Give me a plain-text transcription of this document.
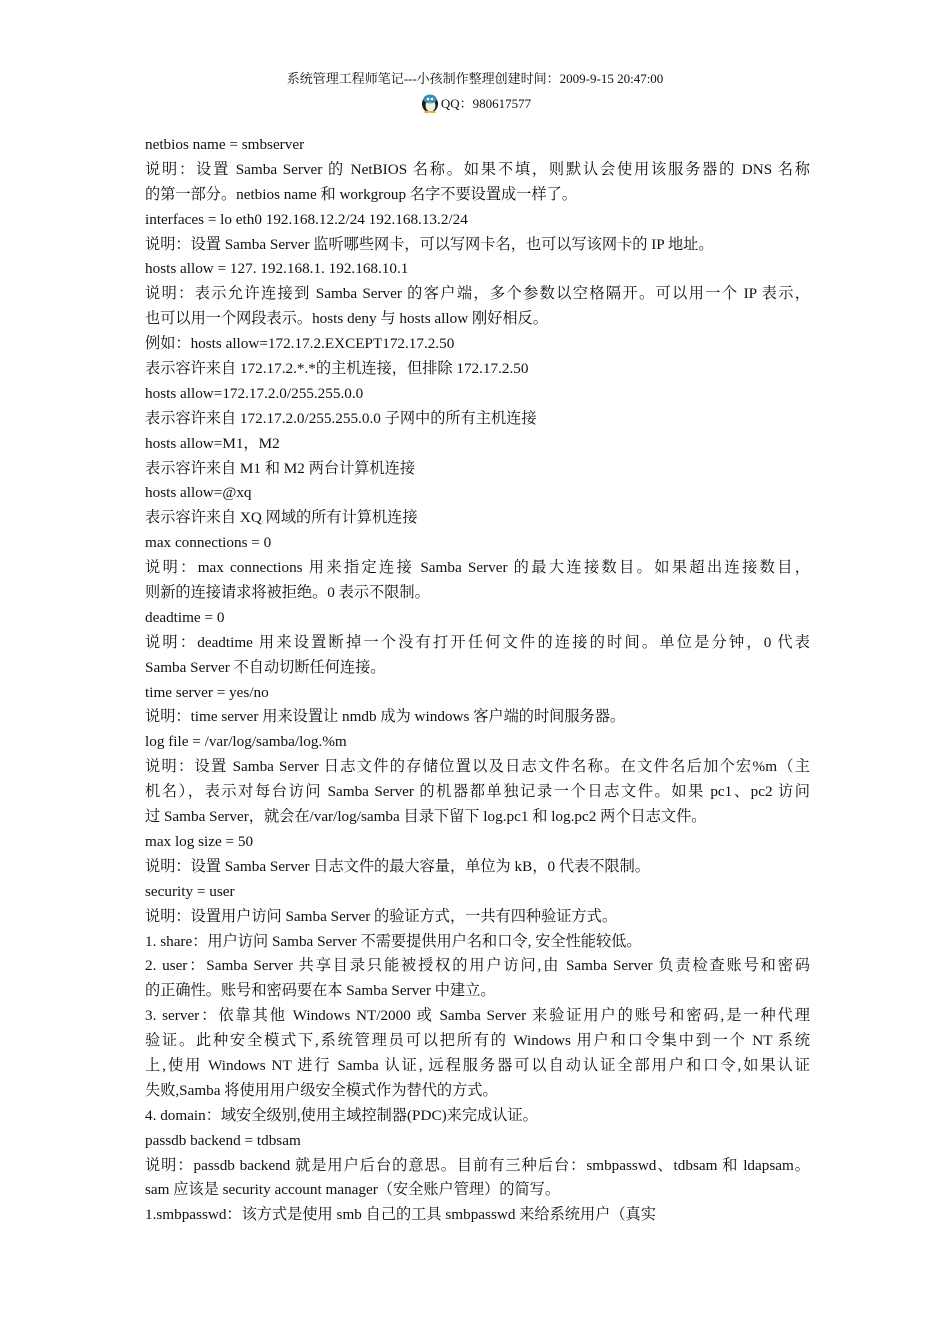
系统管理工程师笔记---小孩制作整理创建时间：2009-9-15 20:47:00
QQ：980617577
netbios name = smbserver
说明：设置 Samba Server 的 NetBIOS 名称。如果不填，则默认会使用该服务器的 DNS 名称
的第一部分。netbios name 和 workgroup 名字不要设置成一样了。
interfaces = lo eth0 192.168.12.2/24 192.168.13.2/24
说明：设置 Samba Server 监听哪些网卡，可以写网卡名，也可以写该网卡的 IP 地址。
hosts allow = 127. 192.168.1. 192.168.10.1
说明：表示允许连接到 Samba Server 的客户端，多个参数以空格隔开。可以用一个 IP 表示，
也可以用一个网段表示。hosts deny 与 hosts allow 刚好相反。
例如：hosts allow=172.17.2.EXCEPT172.17.2.50
表示容许来自 172.17.2.*.*的主机连接，但排除 172.17.2.50
hosts allow=172.17.2.0/255.255.0.0
表示容许来自 172.17.2.0/255.255.0.0 子网中的所有主机连接
hosts allow=M1，M2
表示容许来自 M1 和 M2 两台计算机连接
hosts allow=@xq
表示容许来自 XQ 网域的所有计算机连接
max connections = 0
说明：max connections 用来指定连接 Samba Server 的最大连接数目。如果超出连接数目，
则新的连接请求将被拒绝。0 表示不限制。
deadtime = 0
说明：deadtime 用来设置断掉一个没有打开任何文件的连接的时间。单位是分钟，0 代表
Samba Server 不自动切断任何连接。
time server = yes/no
说明：time server 用来设置让 nmdb 成为 windows 客户端的时间服务器。
log file = /var/log/samba/log.%m
说明：设置 Samba Server 日志文件的存储位置以及日志文件名称。在文件名后加个宏%m（主
机名），表示对每台访问 Samba Server 的机器都单独记录一个日志文件。如果 pc1、pc2 访问
过 Samba Server，就会在/var/log/samba 目录下留下 log.pc1 和 log.pc2 两个日志文件。
max log size = 50
说明：设置 Samba Server 日志文件的最大容量，单位为 kB，0 代表不限制。
security = user
说明：设置用户访问 Samba Server 的验证方式，一共有四种验证方式。
1. share：用户访问 Samba Server 不需要提供用户名和口令, 安全性能较低。
2. user：Samba Server 共享目录只能被授权的用户访问,由 Samba Server 负责检查账号和密码
的正确性。账号和密码要在本 Samba Server 中建立。
3. server：依靠其他 Windows NT/2000 或 Samba Server 来验证用户的账号和密码,是一种代理
验证。此种安全模式下,系统管理员可以把所有的 Windows 用户和口令集中到一个 NT 系统
上,使用 Windows NT 进行 Samba 认证, 远程服务器可以自动认证全部用户和口令,如果认证
失败,Samba 将使用用户级安全模式作为替代的方式。
4. domain：域安全级别,使用主域控制器(PDC)来完成认证。
passdb backend = tdbsam
说明：passdb backend 就是用户后台的意思。目前有三种后台：smbpasswd、tdbsam 和 ldapsam。
sam 应该是 security account manager（安全账户管理）的简写。
1.smbpasswd：该方式是使用 smb 自己的工具 smbpasswd 来给系统用户（真实
